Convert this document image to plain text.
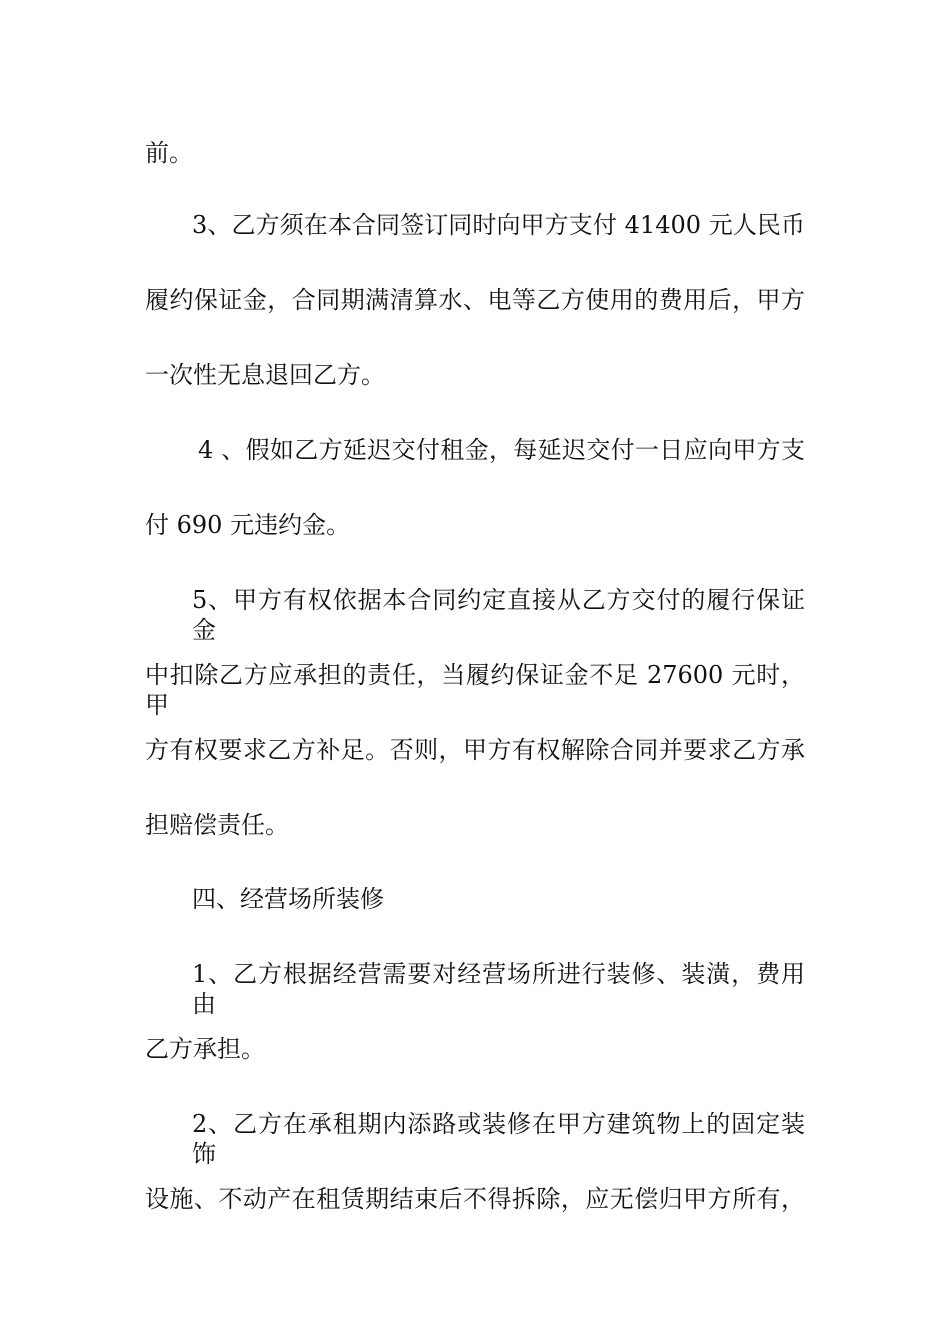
前。
3、乙方须在本合同签订同时向甲方支付 41400 元人民币
履约保证金，合同期满清算水、电等乙方使用的费用后，甲方
一次性无息退回乙方。
4 、假如乙方延迟交付租金，每延迟交付一日应向甲方支
付 690 元违约金。
5、甲方有权依据本合同约定直接从乙方交付的履行保证金
中扣除乙方应承担的责任，当履约保证金不足 27600 元时，甲
方有权要求乙方补足。否则，甲方有权解除合同并要求乙方承
担赔偿责任。
四、经营场所装修
1、乙方根据经营需要对经营场所进行装修、装潢，费用由
乙方承担。
2、乙方在承租期内添路或装修在甲方建筑物上的固定装饰
设施、不动产在租赁期结束后不得拆除，应无偿归甲方所有，
